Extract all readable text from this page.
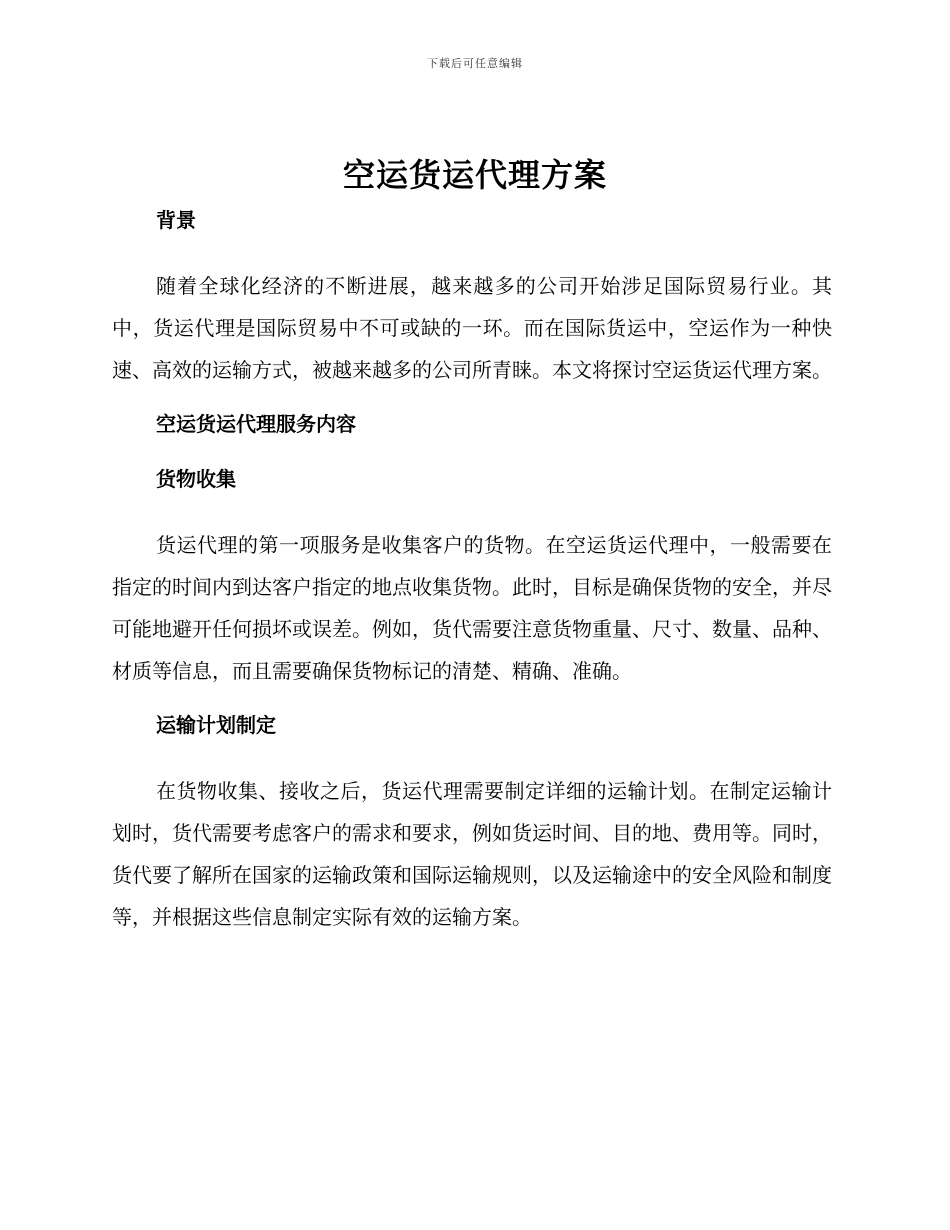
下载后可任意编辑
空运货运代理方案
背景

随着全球化经济的不断进展，越来越多的公司开始涉足国际贸易行业。其中，货运代理是国际贸易中不可或缺的一环。而在国际货运中，空运作为一种快速、高效的运输方式，被越来越多的公司所青睐。本文将探讨空运货运代理方案。

空运货运代理服务内容
货物收集

货运代理的第一项服务是收集客户的货物。在空运货运代理中，一般需要在指定的时间内到达客户指定的地点收集货物。此时，目标是确保货物的安全，并尽可能地避开任何损坏或误差。例如，货代需要注意货物重量、尺寸、数量、品种、材质等信息，而且需要确保货物标记的清楚、精确、准确。

运输计划制定

在货物收集、接收之后，货运代理需要制定详细的运输计划。在制定运输计划时，货代需要考虑客户的需求和要求，例如货运时间、目的地、费用等。同时，货代要了解所在国家的运输政策和国际运输规则，以及运输途中的安全风险和制度等，并根据这些信息制定实际有效的运输方案。
